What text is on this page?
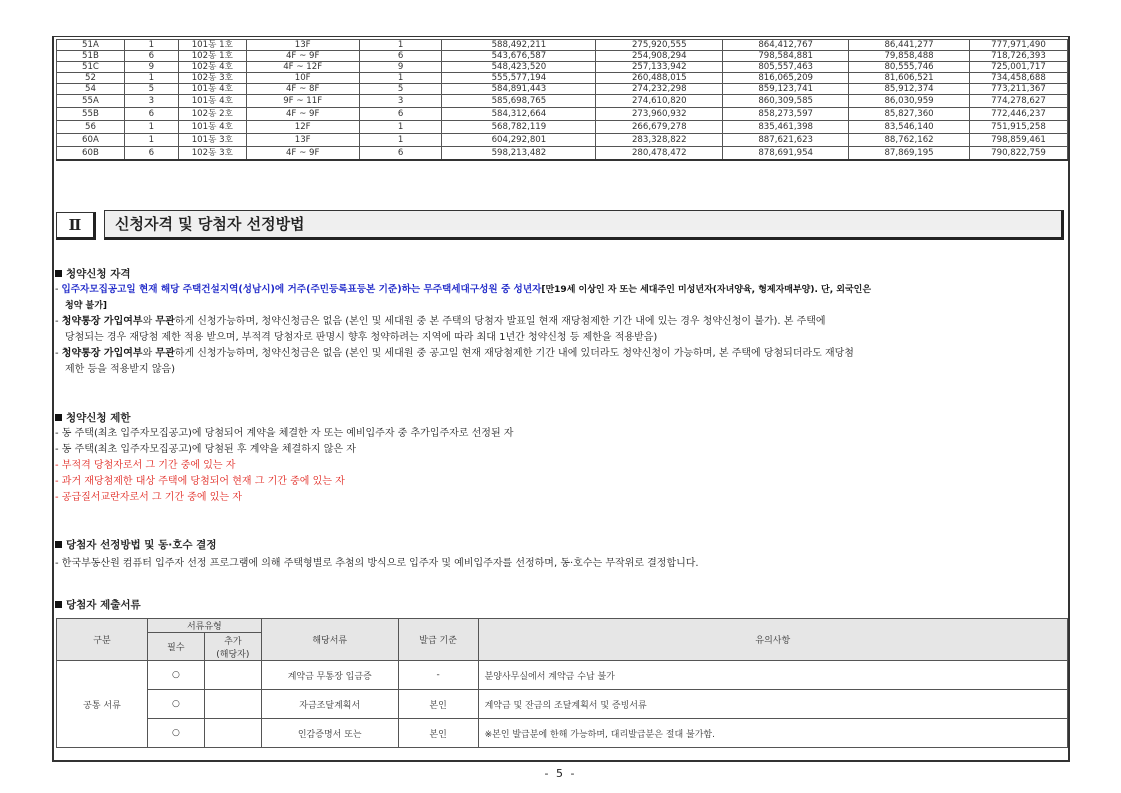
51A	1	101동 1호	13F	1	588,492,211	275,920,555	864,412,767	86,441,277	777,971,490
51B	6	102동 1호	4F ~ 9F	6	543,676,587	254,908,294	798,584,881	79,858,488	718,726,393
51C	9	102동 4호	4F ~ 12F	9	548,423,520	257,133,942	805,557,463	80,555,746	725,001,717
52	1	102동 3호	10F	1	555,577,194	260,488,015	816,065,209	81,606,521	734,458,688
54	5	101동 4호	4F ~ 8F	5	584,891,443	274,232,298	859,123,741	85,912,374	773,211,367
55A	3	101동 4호	9F ~ 11F	3	585,698,765	274,610,820	860,309,585	86,030,959	774,278,627
55B	6	102동 2호	4F ~ 9F	6	584,312,664	273,960,932	858,273,597	85,827,360	772,446,237
56	1	101동 4호	12F	1	568,782,119	266,679,278	835,461,398	83,546,140	751,915,258
60A	1	101동 3호	13F	1	604,292,801	283,328,822	887,621,623	88,762,162	798,859,461
60B	6	102동 3호	4F ~ 9F	6	598,213,482	280,478,472	878,691,954	87,869,195	790,822,759
Ⅱ	신청자격 및 당첨자 선정방법
청약신청 자격
- 입주자모집공고일 현재 해당 주택건설지역(성남시)에 거주(주민등록표등본 기준)하는 무주택세대구성원 중 성년자[만19세 이상인 자 또는 세대주인 미성년자(자녀양육, 형제자매부양). 단, 외국인은
청약 불가]
- 청약통장 가입여부와 무관하게 신청가능하며, 청약신청금은 없음 (본인 및 세대원 중 본 주택의 당첨자 발표일 현재 재당첨제한 기간 내에 있는 경우 청약신청이 불가). 본 주택에
당첨되는 경우 재당첨 제한 적용 받으며, 부적격 당첨자로 판명시 향후 청약하려는 지역에 따라 최대 1년간 청약신청 등 제한을 적용받음)
- 청약통장 가입여부와 무관하게 신청가능하며, 청약신청금은 없음 (본인 및 세대원 중 공고일 현재 재당첨제한 기간 내에 있더라도 청약신청이 가능하며, 본 주택에 당첨되더라도 재당첨
제한 등을 적용받지 않음)
청약신청 제한
- 동 주택(최초 입주자모집공고)에 당첨되어 계약을 체결한 자 또는 예비입주자 중 추가입주자로 선정된 자
- 동 주택(최초 입주자모집공고)에 당첨된 후 계약을 체결하지 않은 자
- 부적격 당첨자로서 그 기간 중에 있는 자
- 과거 재당첨제한 대상 주택에 당첨되어 현재 그 기간 중에 있는 자
- 공급질서교란자로서 그 기간 중에 있는 자
당첨자 선정방법 및 동·호수 결정
- 한국부동산원 컴퓨터 입주자 선정 프로그램에 의해 주택형별로 추첨의 방식으로 입주자 및 예비입주자를 선정하며, 동·호수는 무작위로 결정합니다.
당첨자 제출서류
구분	서류유형		해당서류	발급 기준	유의사항
	필수	추가
(해당자)			
공통 서류	○		계약금 무통장 입금증	-	분양사무실에서 계약금 수납 불가
	○		자금조달계획서	본인	계약금 및 잔금의 조달계획서 및 증빙서류
	○		인감증명서 또는	본인	※본인 발급분에 한해 가능하며, 대리발급분은 절대 불가함.
- 5 -
